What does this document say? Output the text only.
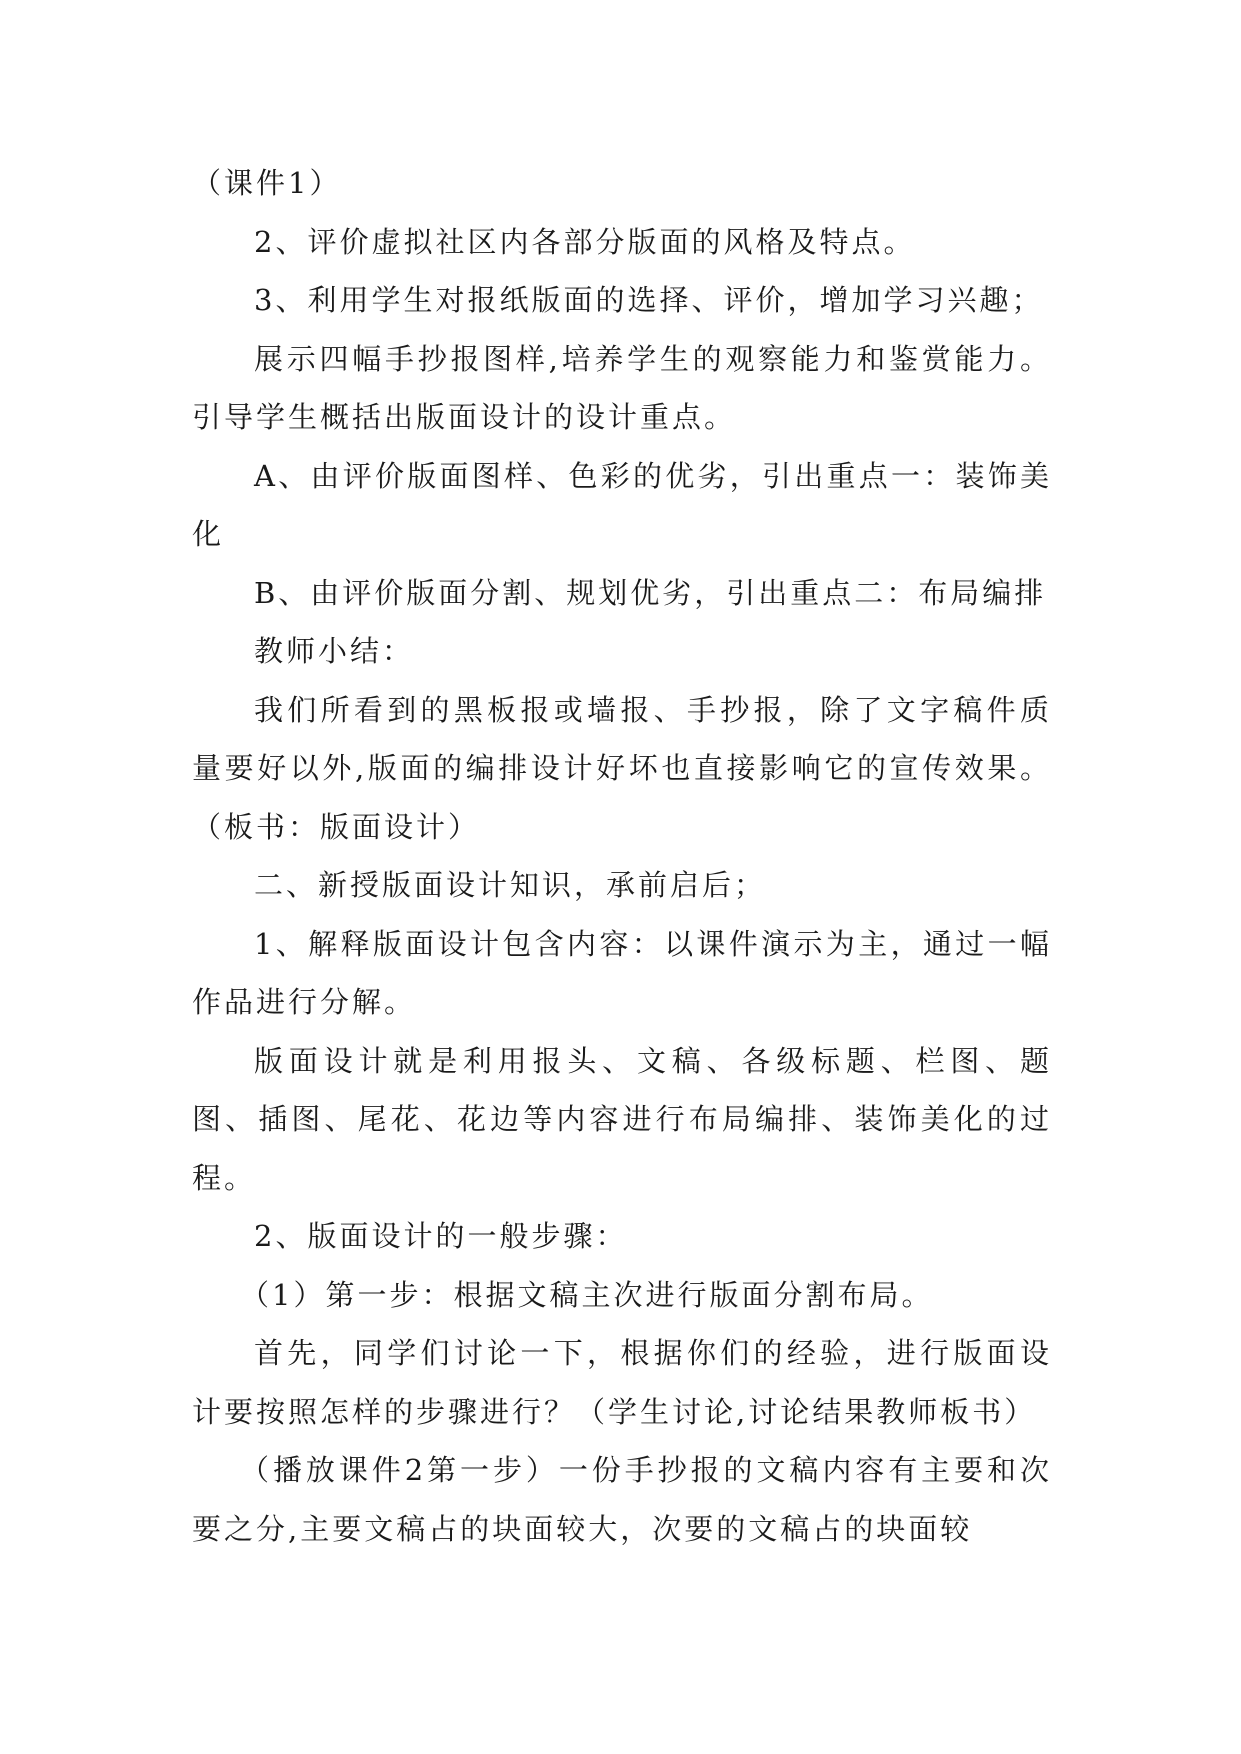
（课件1）

2、评价虚拟社区内各部分版面的风格及特点。

3、利用学生对报纸版面的选择、评价，增加学习兴趣；

展示四幅手抄报图样,培养学生的观察能力和鉴赏能力。引导学生概括出版面设计的设计重点。

A、由评价版面图样、色彩的优劣，引出重点一：装饰美化

B、由评价版面分割、规划优劣，引出重点二：布局编排

教师小结：

我们所看到的黑板报或墙报、手抄报，除了文字稿件质量要好以外,版面的编排设计好坏也直接影响它的宣传效果。（板书：版面设计）

二、新授版面设计知识，承前启后；

1、解释版面设计包含内容：以课件演示为主，通过一幅作品进行分解。

版面设计就是利用报头、文稿、各级标题、栏图、题图、插图、尾花、花边等内容进行布局编排、装饰美化的过程。

2、版面设计的一般步骤：

（1）第一步：根据文稿主次进行版面分割布局。

首先，同学们讨论一下，根据你们的经验，进行版面设计要按照怎样的步骤进行？（学生讨论,讨论结果教师板书）

（播放课件2第一步）一份手抄报的文稿内容有主要和次要之分,主要文稿占的块面较大，次要的文稿占的块面较
